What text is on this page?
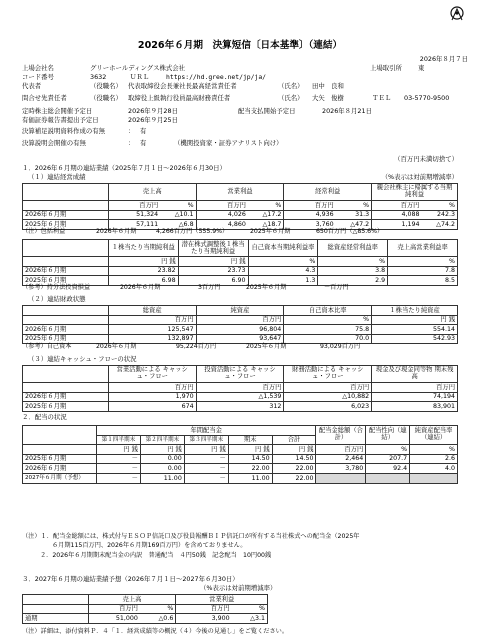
2026年６月期　決算短信〔日本基準〕（連結）
2026年８月７日
上場会社名	グリーホールディングス株式会社	上場取引所	東
コード番号	3632	ＵＲＬ	https://hd.gree.net/jp/ja/
代表者	（役職名） 代表取締役会長兼社長最高経営責任者	（氏名） 田中　良和
問合せ先責任者	（役職名） 取締役上級執行役員最高財務責任者	（氏名） 大矢　俊樹	ＴＥＬ 03-5770-9500
定時株主総会開催予定日	2026年９月28日	配当支払開始予定日	2026年８月21日
有価証券報告書提出予定日	2026年９月25日
決算補足説明資料作成の有無	： 有
決算説明会開催の有無	： 有	（機関投資家・証券アナリスト向け）
（百万円未満切捨て）
１．2026年６月期の連結業績（2025年７月１日～2026年６月30日）
（１）連結経営成績	（%表示は対前期増減率）
	売上高		営業利益		経常利益		親会社株主に帰属する当期純利益	
	百万円	%	百万円	%	百万円	%	百万円	%
2026年６月期	51,324	△10.1	4,026	△17.2	4,936	31.3	4,088	242.3
2025年６月期	57,111	△6.8	4,860	△18.7	3,760	△47.2	1,194	△74.2
（注）包括利益	2026年６月期	4,266百万円（555.9%）	2025年６月期	650百万円（△85.6%）
	１株当たり当期純利益	潜在株式調整後１株当たり当期純利益	自己資本当期純利益率	総資産経常利益率	売上高営業利益率
	円 銭	円 銭	%	%	%
2026年６月期	23.82	23.73	4.3	3.8	7.8
2025年６月期	6.98	6.90	1.3	2.9	8.5
（参考）持分法投資損益	2026年６月期	3百万円	2025年６月期	－百万円
（２）連結財政状態
	総資産	純資産	自己資本比率	１株当たり純資産
	百万円	百万円	%	円 銭
2026年６月期	125,547	96,804	75.8	554.14
2025年６月期	132,897	93,647	70.0	542.93
（参考）自己資本	2026年６月期	95,224百万円	2025年６月期	93,029百万円
（３）連結キャッシュ・フローの状況
	営業活動による キャッシュ・フロー	投資活動による キャッシュ・フロー	財務活動による キャッシュ・フロー	現金及び現金同等物 期末残高
	百万円	百万円	百万円	百万円
2026年６月期	1,970	△1,539	△10,882	74,194
2025年６月期	674	312	6,023	83,901
２．配当の状況
	年間配当金					配当金総額（合計）	配当性向（連結）	純資産配当率（連結）
	第１四半期末	第２四半期末	第３四半期末	期末	合計			
	円 銭	円 銭	円 銭	円 銭	円 銭	百万円	%	%
2025年６月期	－	0.00	－	14.50	14.50	2,464	207.7	2.6
2026年６月期	－	0.00	－	22.00	22.00	3,780	92.4	4.0
2027年６月期（予想）	－	11.00	－	11.00	22.00			
（注）１．配当金総額には、株式付与ＥＳＯＰ信託口及び役員報酬ＢＩＰ信託口が所有する当社株式への配当金（2025年
６月期115百万円、2026年６月期169百万円）を含めておりません。
２．2026年６月期期末配当金の内訳　普通配当　４円50銭　記念配当　10円00銭
３．2027年６月期の連結業績予想（2026年７月１日～2027年６月30日）
（%表示は対前期増減率）
	売上高		営業利益	
	百万円	%	百万円	%
通期	51,000	△0.6	3,900	△3.1
（注）詳細は、添付資料Ｐ．４「１．経営成績等の概況（４）今後の見通し」をご覧ください。
